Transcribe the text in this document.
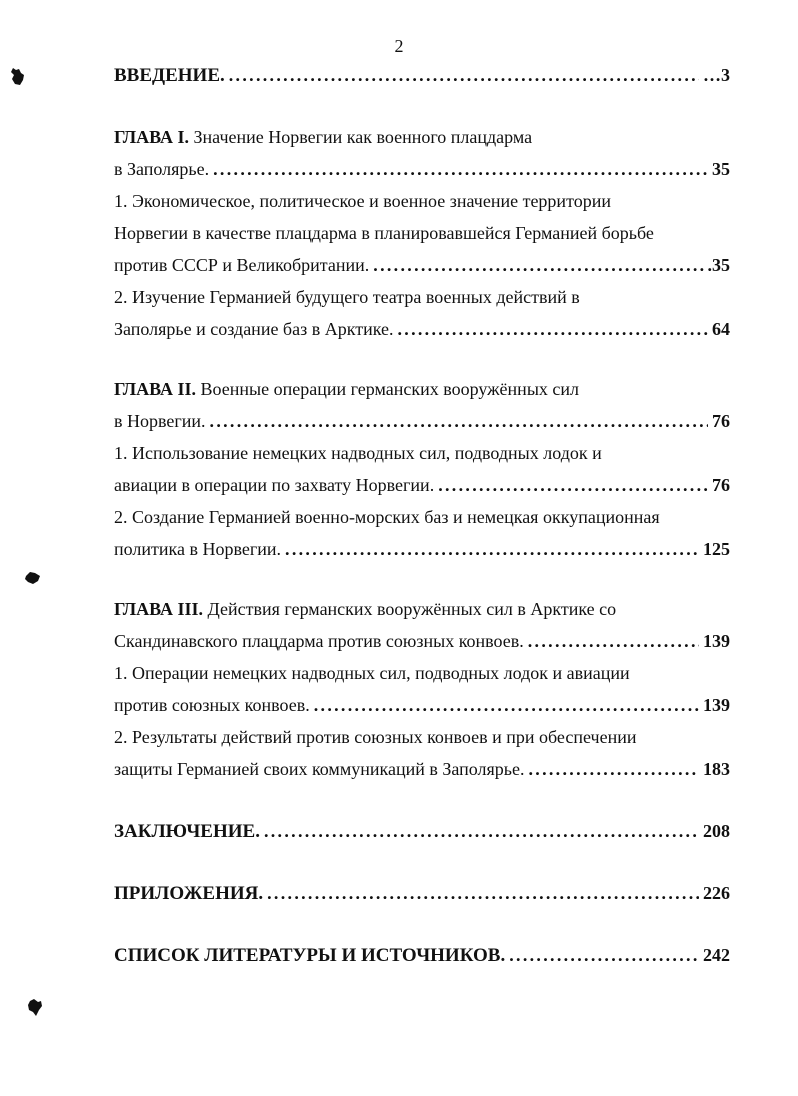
2
ВВЕДЕНИЕ. . . .	…3
ГЛАВА I. Значение Норвегии как военного плацдарма
в Заполярье. . . .	35
1. Экономическое, политическое и военное значение территории
Норвегии в качестве плацдарма в планировавшейся Германией борьбе
против СССР и Великобритании. . . .	.35
2. Изучение Германией будущего театра военных действий в
Заполярье и создание баз в Арктике. . . .	64
ГЛАВА II. Военные операции германских вооружённых сил
в Норвегии. . . .	76
1. Использование немецких надводных сил, подводных лодок и
авиации в операции по захвату Норвегии. . . .	76
2. Создание Германией военно-морских баз и немецкая оккупационная
политика в Норвегии. . . .	125
ГЛАВА III. Действия германских вооружённых сил в Арктике со
Скандинавского плацдарма против союзных конвоев. . . .	139
1. Операции немецких надводных сил, подводных лодок и авиации
против союзных конвоев. . . .	139
2. Результаты действий против союзных конвоев и при обеспечении
защиты Германией своих коммуникаций в Заполярье. . . .	183
ЗАКЛЮЧЕНИЕ. . . .	208
ПРИЛОЖЕНИЯ. . . .	226
СПИСОК ЛИТЕРАТУРЫ И ИСТОЧНИКОВ. . . .	242
